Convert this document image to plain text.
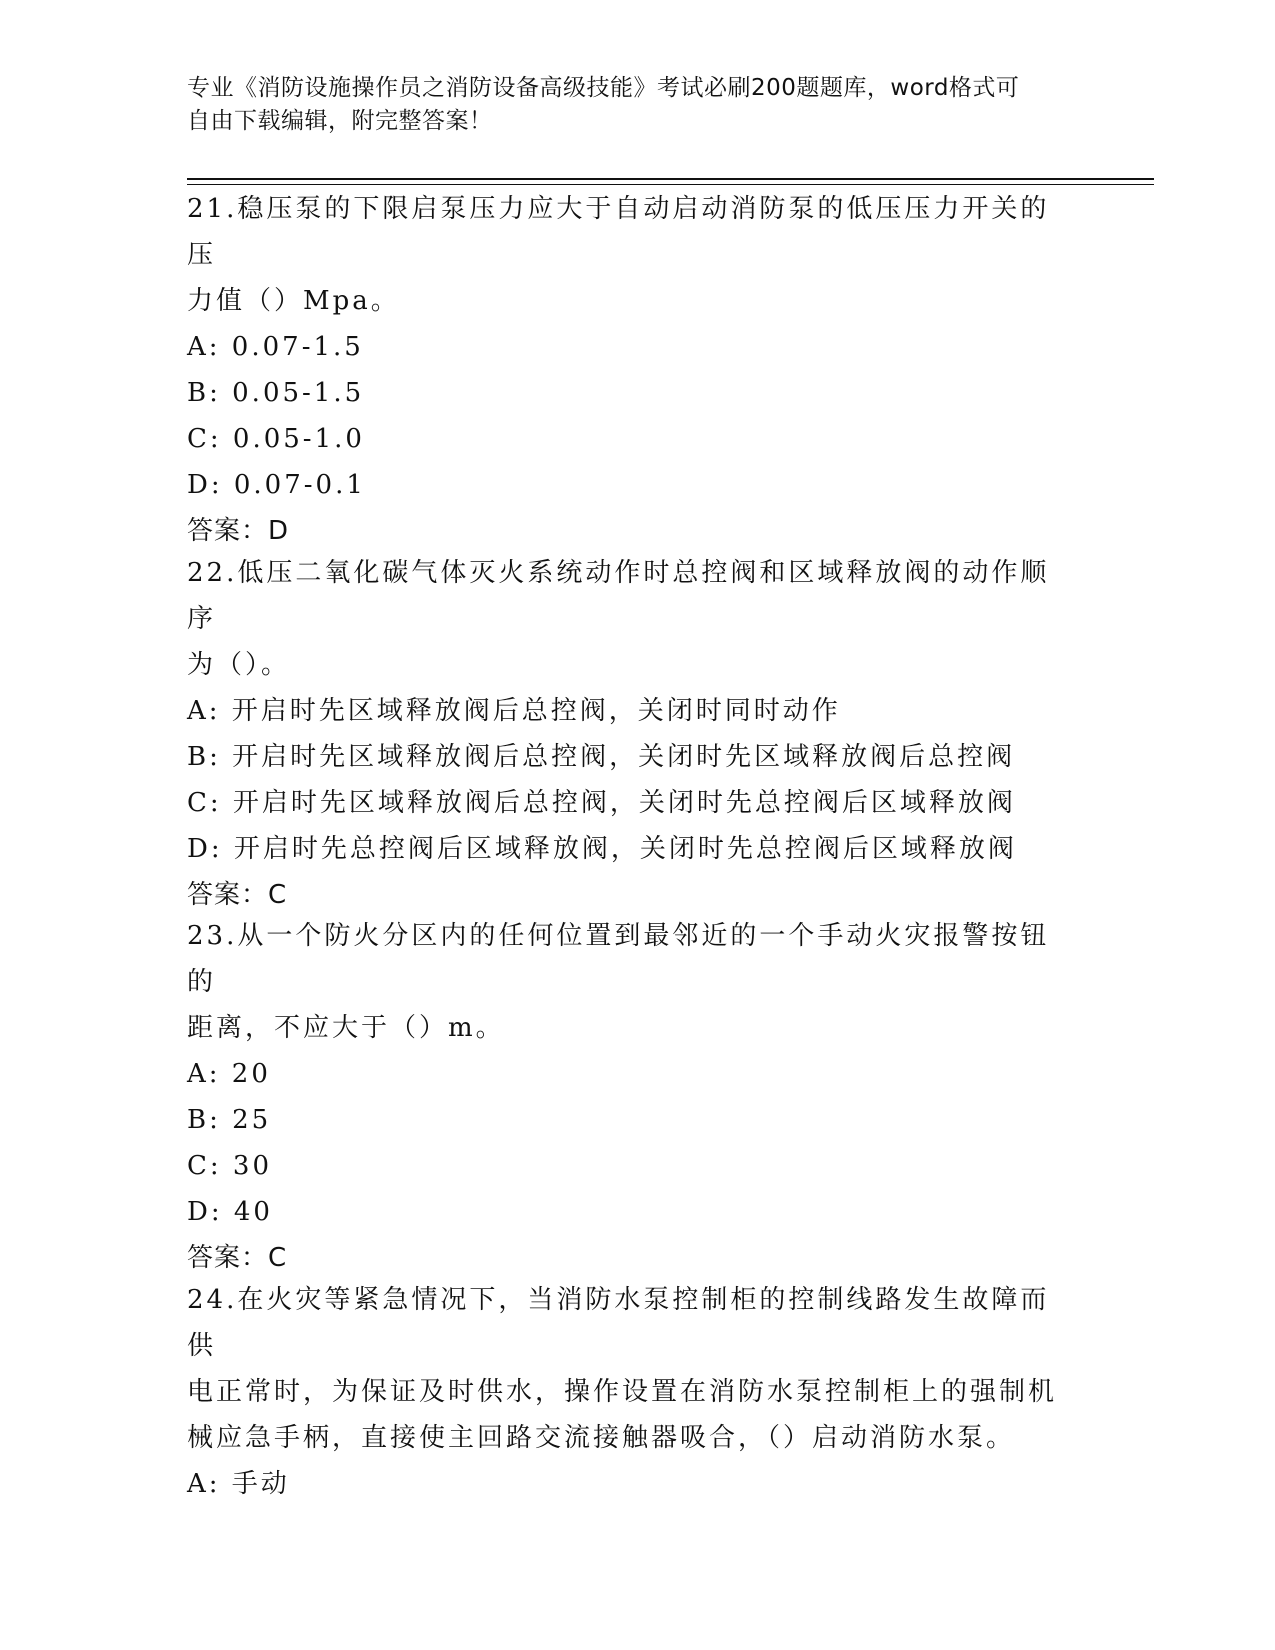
专业《消防设施操作员之消防设备高级技能》考试必刷200题题库，word格式可
自由下载编辑，附完整答案！

21.稳压泵的下限启泵压力应大于自动启动消防泵的低压压力开关的压

力值（）Mpa。

A: 0.07-1.5

B: 0.05-1.5

C: 0.05-1.0

D: 0.07-0.1

答案：D

22.低压二氧化碳气体灭火系统动作时总控阀和区域释放阀的动作顺序

为（）。

A: 开启时先区域释放阀后总控阀，关闭时同时动作

B: 开启时先区域释放阀后总控阀，关闭时先区域释放阀后总控阀

C: 开启时先区域释放阀后总控阀，关闭时先总控阀后区域释放阀

D: 开启时先总控阀后区域释放阀，关闭时先总控阀后区域释放阀

答案：C

23.从一个防火分区内的任何位置到最邻近的一个手动火灾报警按钮的

距离，不应大于（）m。

A: 20

B: 25

C: 30

D: 40

答案：C

24.在火灾等紧急情况下，当消防水泵控制柜的控制线路发生故障而供

电正常时，为保证及时供水，操作设置在消防水泵控制柜上的强制机

械应急手柄，直接使主回路交流接触器吸合，（）启动消防水泵。

A: 手动
